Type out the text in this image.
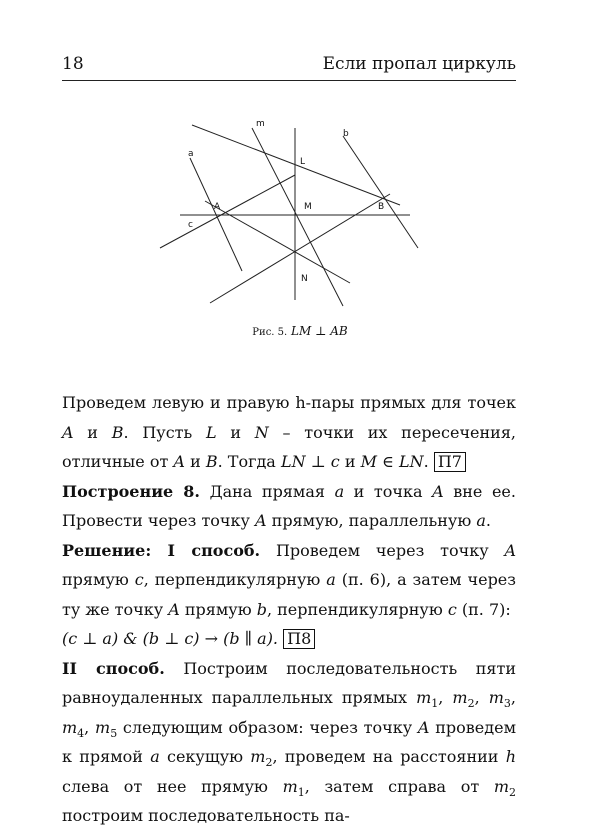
18	Если пропал циркуль
A	B
L
M
N
a
b
c
m
Рис. 5. LM ⊥ AB

Проведем левую и правую h-пары прямых для точек A и B. Пусть L и N – точки их пересечения, отличные от A и B. Тогда LN ⊥ c и M ∈ LN. П7

Построение 8. Дана прямая a и точка A вне ее. Провести через точку A прямую, параллельную a.

Решение: I способ. Проведем через точку A прямую c, перпендикулярную a (п. 6), а затем через ту же точку A прямую b, перпендикулярную c (п. 7):
(c ⊥ a) & (b ⊥ c) → (b ∥ a). П8

II способ. Построим последовательность пяти равноудаленных параллельных прямых $m_1$, $m_2$, $m_3$, $m_4$, $m_5$ следующим образом: через точку A проведем к прямой a секущую $m_2$, проведем на расстоянии h слева от нее прямую $m_1$, затем справа от $m_2$ построим последовательность па-
